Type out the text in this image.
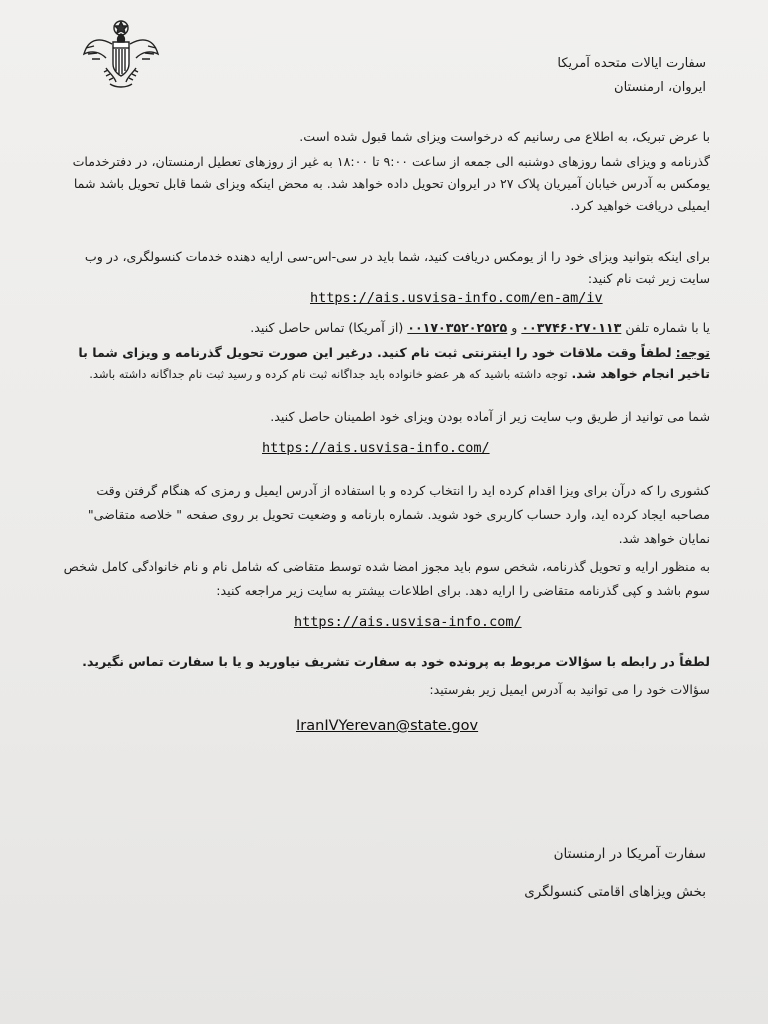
سفارت ایالات متحده آمریکا
ایروان، ارمنستان
با عرض تبریک، به اطلاع می رسانیم که درخواست ویزای شما قبول شده است.
گذرنامه و ویزای شما روزهای دوشنبه الی جمعه از ساعت ۹:۰۰ تا ۱۸:۰۰ به غیر از روزهای تعطیل ارمنستان، در دفترخدمات یومکس به آدرس خیابان آمیریان پلاک ۲۷ در ایروان تحویل داده خواهد شد. به محض اینکه ویزای شما قابل تحویل باشد شما ایمیلی دریافت خواهید کرد.
برای اینکه بتوانید ویزای خود را از یومکس دریافت کنید، شما باید در سی-اس-سی ارایه دهنده خدمات کنسولگری، در وب سایت زیر ثبت نام کنید:
https://ais.usvisa-info.com/en-am/iv
یا با شماره تلفن ۰۰۳۷۴۶۰۲۷۰۱۱۳ و ۰۰۱۷۰۳۵۲۰۲۵۲۵ (از آمریکا) تماس حاصل کنید.
توجه: لطفاً وقت ملاقات خود را اینترنتی ثبت نام کنید. درغیر این صورت تحویل گذرنامه و ویزای شما با تاخیر انجام خواهد شد. توجه داشته باشید که هر عضو خانواده باید جداگانه ثبت نام کرده و رسید ثبت نام جداگانه داشته باشد.
شما می توانید از طریق وب سایت زیر از آماده بودن ویزای خود اطمینان حاصل کنید.
https://ais.usvisa-info.com/
کشوری را که درآن برای ویزا اقدام کرده اید را انتخاب کرده و با استفاده از آدرس ایمیل و رمزی که هنگام گرفتن وقت مصاحبه ایجاد کرده اید، وارد حساب کاربری خود شوید. شماره بارنامه و وضعیت تحویل بر روی صفحه " خلاصه متقاضی" نمایان خواهد شد.
به منظور ارایه و تحویل گذرنامه، شخص سوم باید مجوز امضا شده توسط متقاضی که شامل نام و نام خانوادگی کامل شخص سوم باشد و کپی گذرنامه متقاضی را ارایه دهد. برای اطلاعات بیشتر به سایت زیر مراجعه کنید:
https://ais.usvisa-info.com/
لطفاً در رابطه با سؤالات مربوط به پرونده خود به سفارت تشریف نیاورید و یا با سفارت تماس نگیرید. سؤالات خود را می توانید به آدرس ایمیل زیر بفرستید:
IranIVYerevan@state.gov
سفارت آمریکا در ارمنستان
بخش ویزاهای اقامتی کنسولگری
